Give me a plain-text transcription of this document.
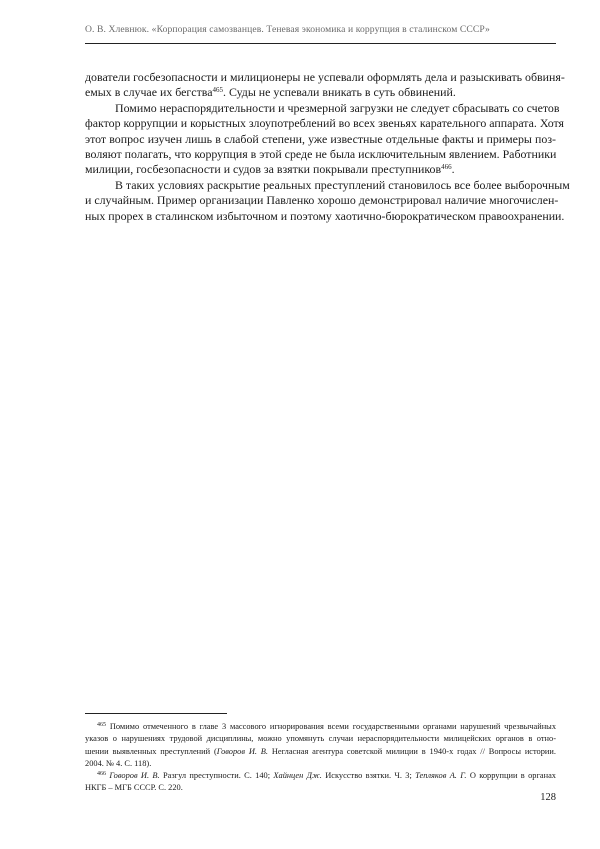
О. В. Хлевнюк. «Корпорация самозванцев. Теневая экономика и коррупция в сталинском СССР»
дователи госбезопасности и милиционеры не успевали оформлять дела и разыскивать обвиня-
емых в случае их бегства$^{465}$. Суды не успевали вникать в суть обвинений.
Помимо нераспорядительности и чрезмерной загрузки не следует сбрасывать со счетов
фактор коррупции и корыстных злоупотреблений во всех звеньях карательного аппарата. Хотя
этот вопрос изучен лишь в слабой степени, уже известные отдельные факты и примеры поз-
воляют полагать, что коррупция в этой среде не была исключительным явлением. Работники
милиции, госбезопасности и судов за взятки покрывали преступников$^{466}$.
В таких условиях раскрытие реальных преступлений становилось все более выборочным
и случайным. Пример организации Павленко хорошо демонстрировал наличие многочислен-
ных прорех в сталинском избыточном и поэтому хаотично-бюрократическом правоохранении.
$^{465}$ Помимо отмеченного в главе 3 массового игнорирования всеми государственными органами нарушений чрезвычайных
указов о нарушениях трудовой дисциплины, можно упомянуть случаи нераспорядительности милицейских органов в отно-
шении выявленных преступлений (Говоров И. В. Негласная агентура советской милиции в 1940-х годах // Вопросы истории.
2004. № 4. С. 118).
$^{466}$ Говоров И. В. Разгул преступности. С. 140; Хайнцен Дж. Искусство взятки. Ч. 3; Тепляков А. Г. О коррупции в органах
НКГБ – МГБ СССР. С. 220.
128
